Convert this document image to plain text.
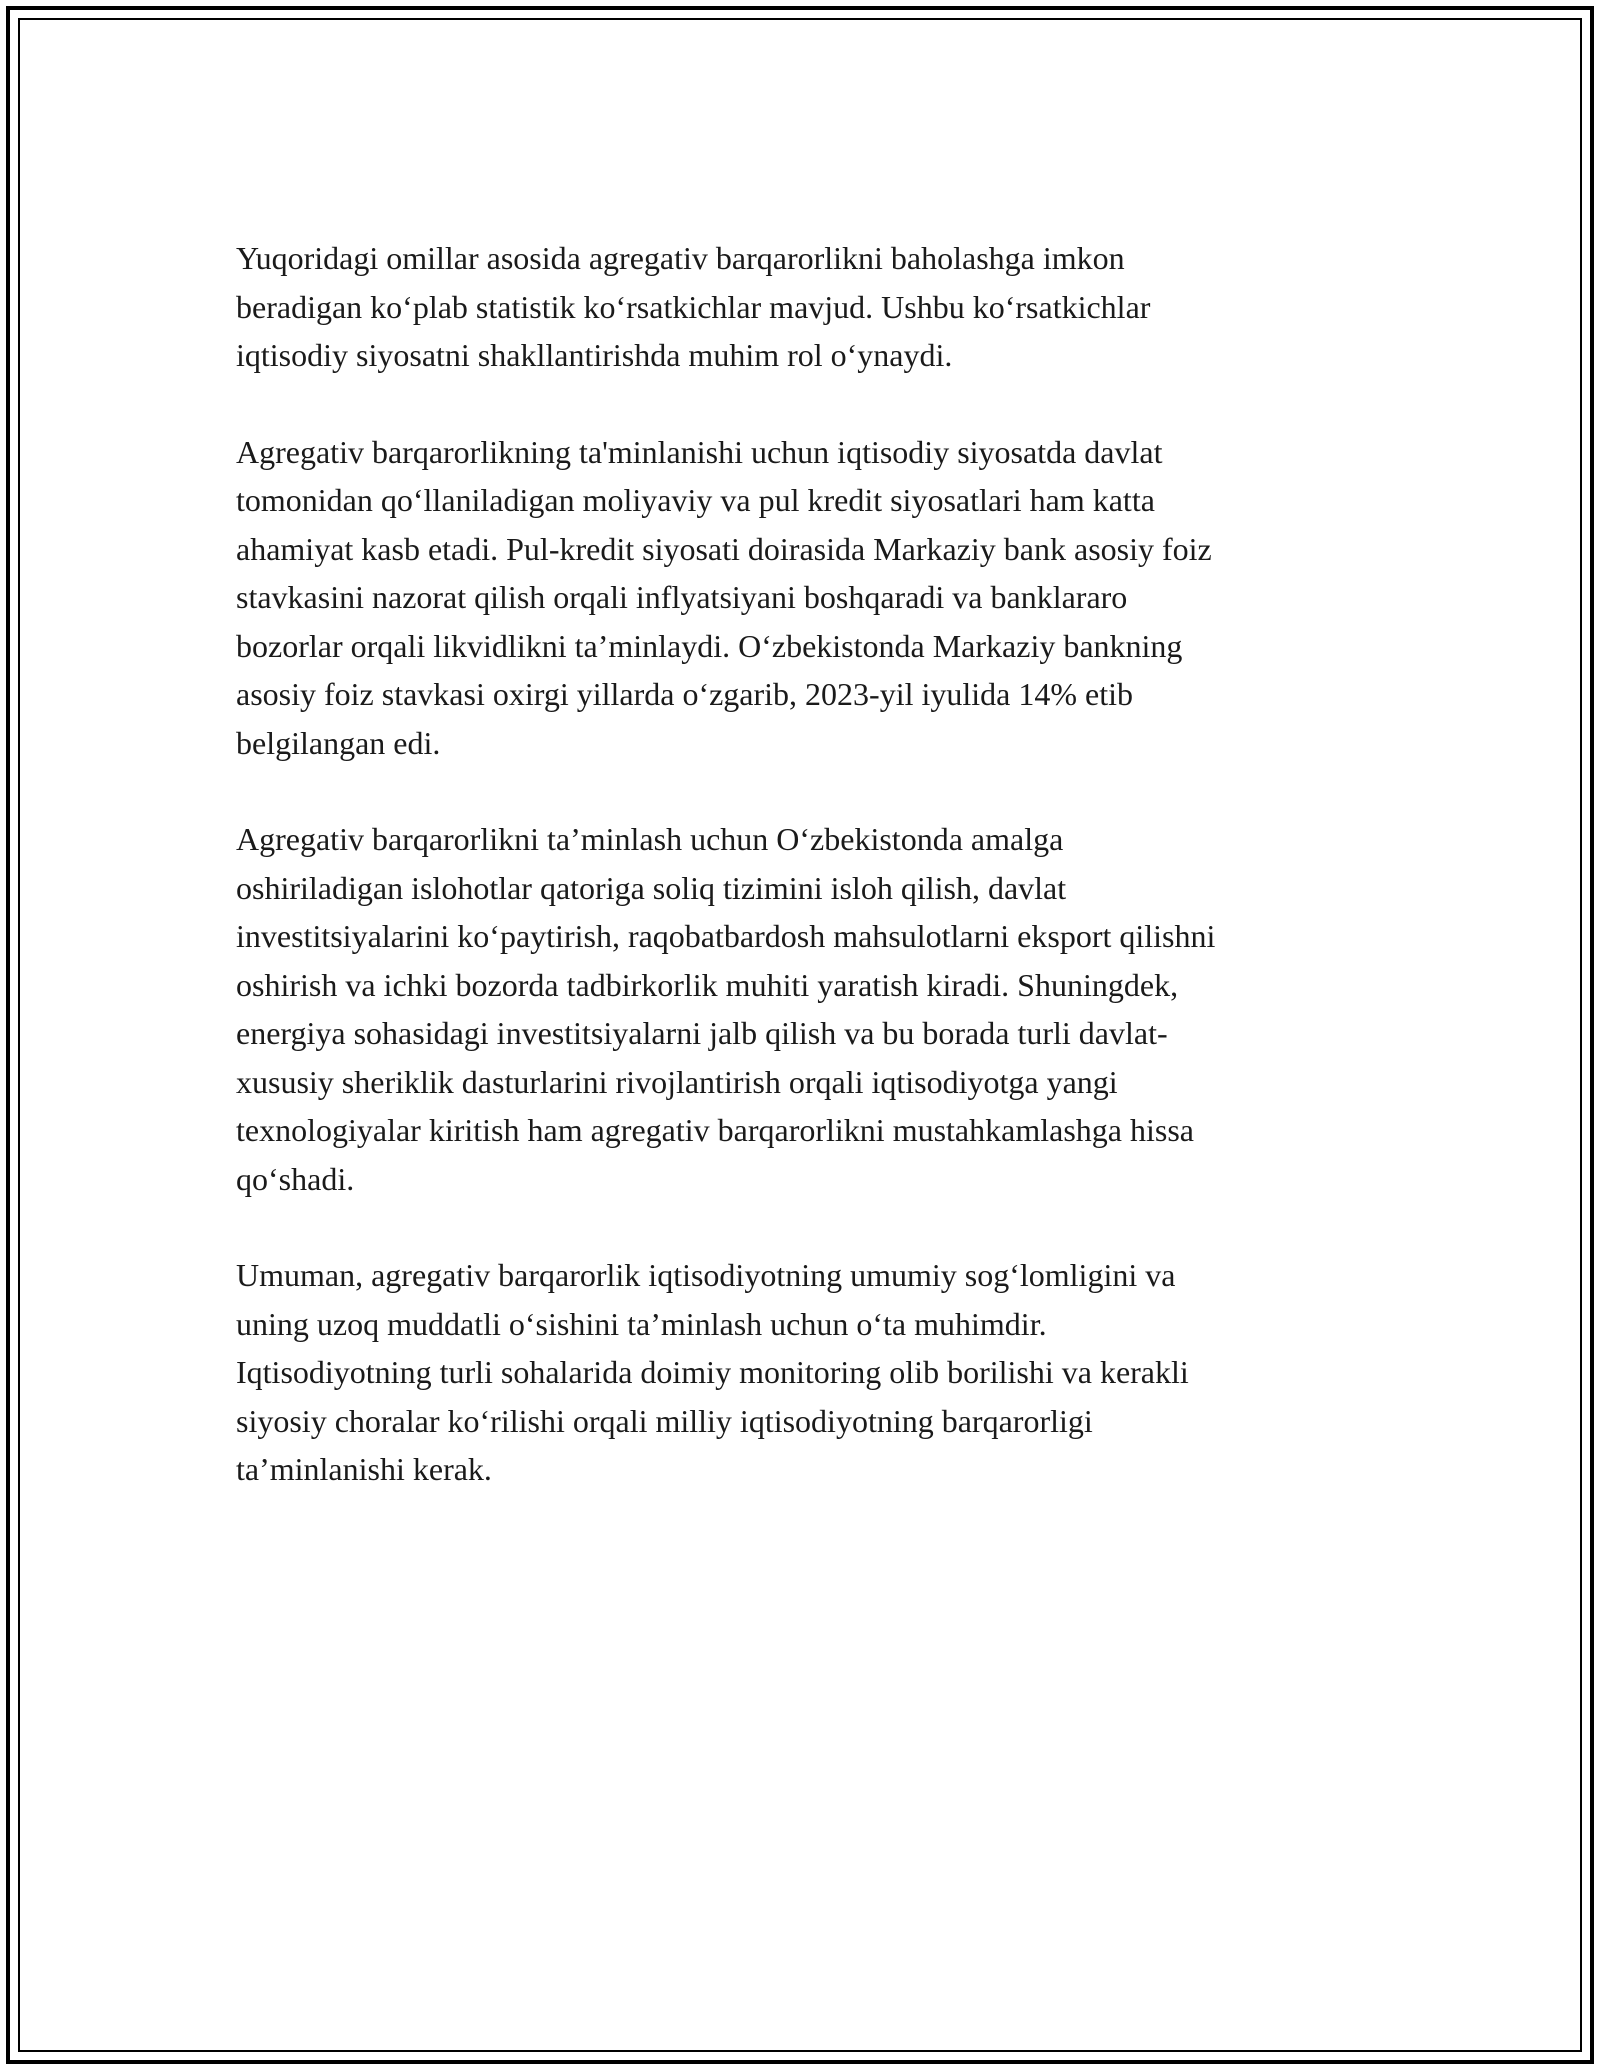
Yuqoridagi omillar asosida agregativ barqarorlikni baholashga imkon
beradigan ko‘plab statistik ko‘rsatkichlar mavjud. Ushbu ko‘rsatkichlar
iqtisodiy siyosatni shakllantirishda muhim rol o‘ynaydi.

Agregativ barqarorlikning ta'minlanishi uchun iqtisodiy siyosatda davlat
tomonidan qo‘llaniladigan moliyaviy va pul kredit siyosatlari ham katta
ahamiyat kasb etadi. Pul-kredit siyosati doirasida Markaziy bank asosiy foiz
stavkasini nazorat qilish orqali inflyatsiyani boshqaradi va banklararo
bozorlar orqali likvidlikni ta’minlaydi. O‘zbekistonda Markaziy bankning
asosiy foiz stavkasi oxirgi yillarda o‘zgarib, 2023-yil iyulida 14% etib
belgilangan edi.

Agregativ barqarorlikni ta’minlash uchun O‘zbekistonda amalga
oshiriladigan islohotlar qatoriga soliq tizimini isloh qilish, davlat
investitsiyalarini ko‘paytirish, raqobatbardosh mahsulotlarni eksport qilishni
oshirish va ichki bozorda tadbirkorlik muhiti yaratish kiradi. Shuningdek,
energiya sohasidagi investitsiyalarni jalb qilish va bu borada turli davlat-
xususiy sheriklik dasturlarini rivojlantirish orqali iqtisodiyotga yangi
texnologiyalar kiritish ham agregativ barqarorlikni mustahkamlashga hissa
qo‘shadi.

Umuman, agregativ barqarorlik iqtisodiyotning umumiy sog‘lomligini va
uning uzoq muddatli o‘sishini ta’minlash uchun o‘ta muhimdir.
Iqtisodiyotning turli sohalarida doimiy monitoring olib borilishi va kerakli
siyosiy choralar ko‘rilishi orqali milliy iqtisodiyotning barqarorligi
ta’minlanishi kerak.
